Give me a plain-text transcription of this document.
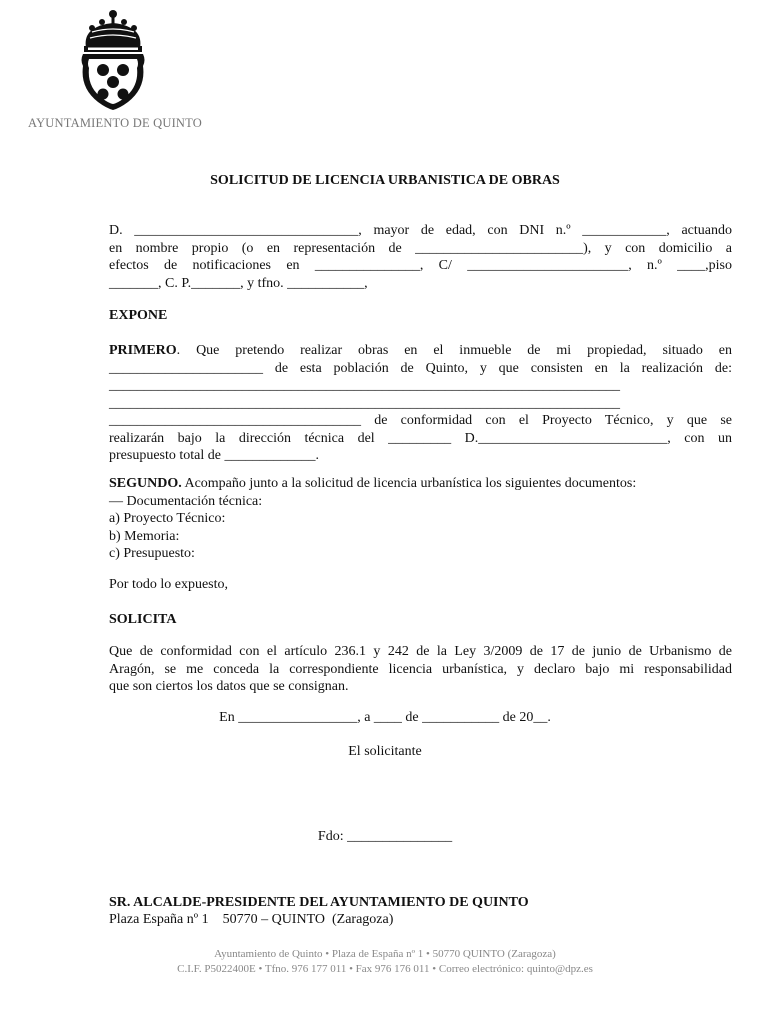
AYUNTAMIENTO DE QUINTO
SOLICITUD DE LICENCIA URBANISTICA DE OBRAS
D. ________________________________, mayor de edad, con DNI n.º ____________, actuando
en nombre propio (o en representación de ________________________), y con domicilio a
efectos de notificaciones en _______________, C/ _______________________, n.º ____,piso
_______, C. P._______, y tfno. ___________,
EXPONE
PRIMERO. Que pretendo realizar obras en el inmueble de mi propiedad, situado en
______________________ de esta población de Quinto, y que consisten en la realización de:
_________________________________________________________________________
_________________________________________________________________________
____________________________________ de conformidad con el Proyecto Técnico, y que se
realizarán bajo la dirección técnica del _________ D.___________________________, con un
presupuesto total de _____________.
SEGUNDO. Acompaño junto a la solicitud de licencia urbanística los siguientes documentos:
— Documentación técnica:
a) Proyecto Técnico:
b) Memoria:
c) Presupuesto:
Por todo lo expuesto,
SOLICITA
Que de conformidad con el artículo 236.1 y 242 de la Ley 3/2009 de 17 de junio de Urbanismo de
Aragón, se me conceda la correspondiente licencia urbanística, y declaro bajo mi responsabilidad
que son ciertos los datos que se consignan.
En _________________, a ____ de ___________ de 20__.
El solicitante
Fdo: _______________
SR. ALCALDE-PRESIDENTE DEL AYUNTAMIENTO DE QUINTO
Plaza España nº 1    50770 – QUINTO  (Zaragoza)
Ayuntamiento de Quinto • Plaza de España nº 1 • 50770 QUINTO (Zaragoza)
C.I.F. P5022400E • Tfno. 976 177 011 • Fax 976 176 011 • Correo electrónico: quinto@dpz.es
